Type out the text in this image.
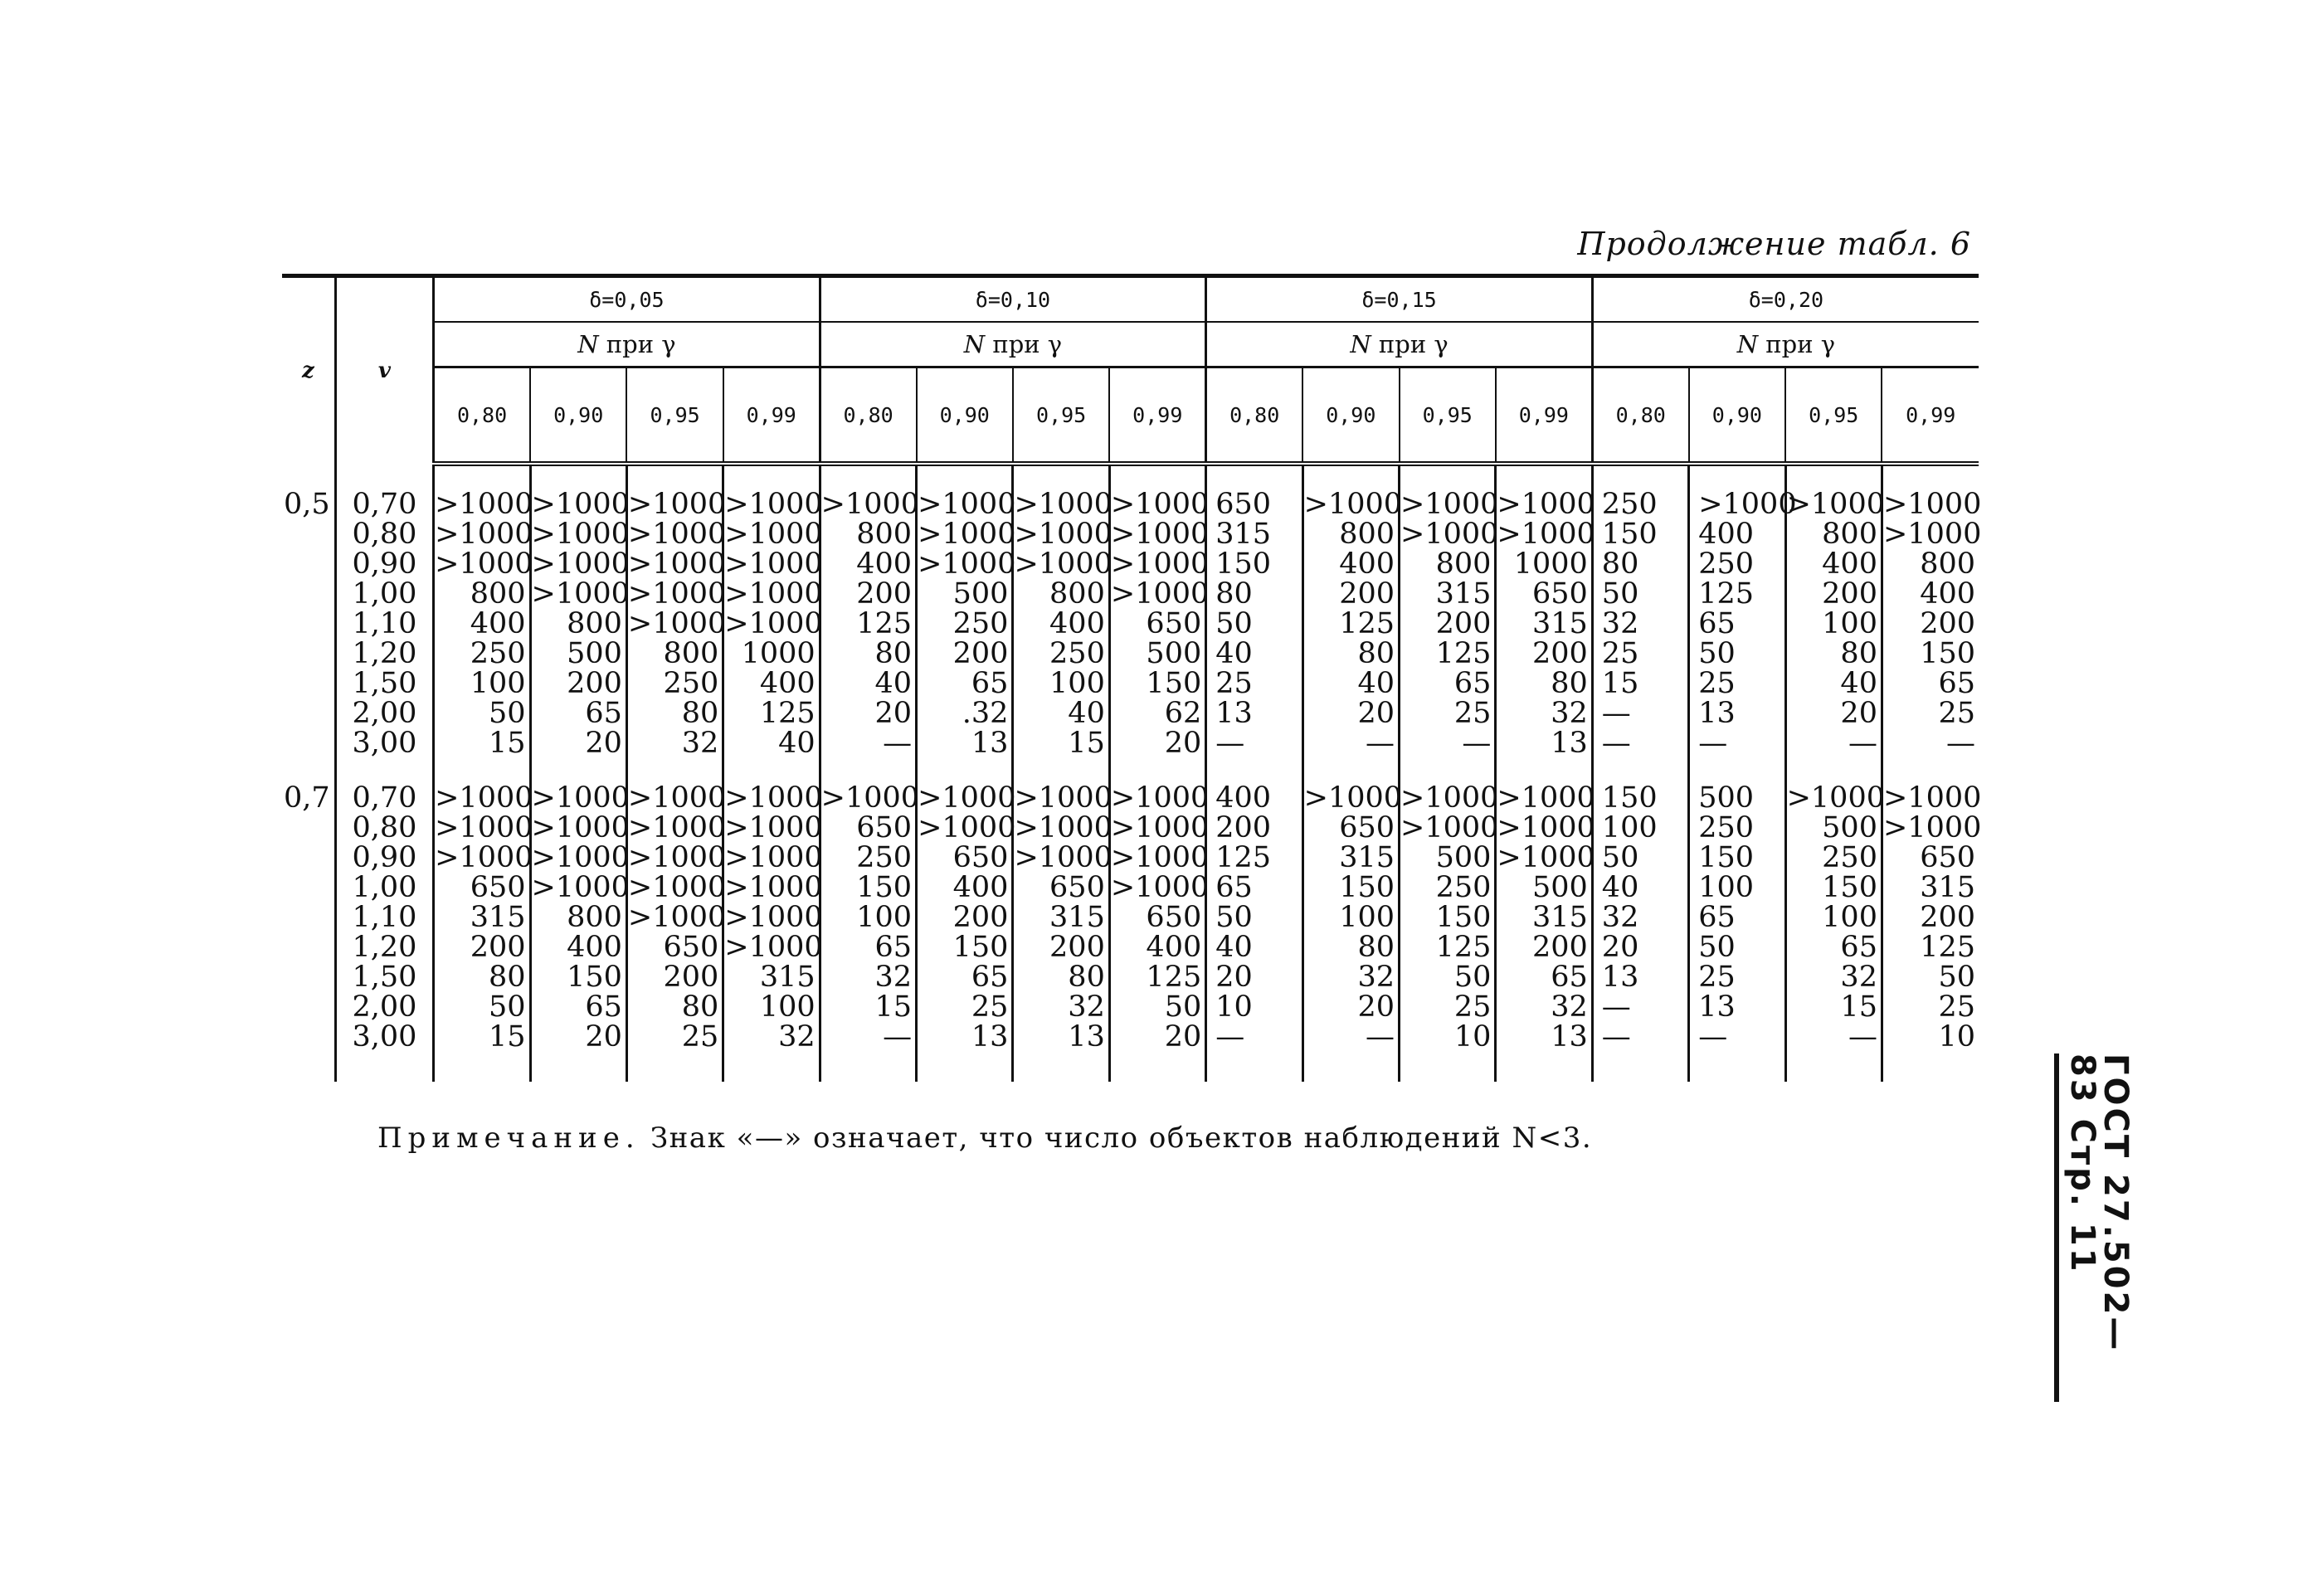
Продолжение табл. 6
z	v	δ=0,05				δ=0,10				δ=0,15				δ=0,20			
		N при γ				N при γ				N при γ				N при γ			
		0,80	0,90	0,95	0,99	0,80	0,90	0,95	0,99	0,80	0,90	0,95	0,99	0,80	0,90	0,95	0,99

0,5	0,70	>1000	>1000	>1000	>1000	>1000	>1000	>1000	>1000	650	>1000	>1000	>1000	250	>1000	>1000	>1000
	0,80	>1000	>1000	>1000	>1000	800	>1000	>1000	>1000	315	800	>1000	>1000	150	400	800	>1000
	0,90	>1000	>1000	>1000	>1000	400	>1000	>1000	>1000	150	400	800	1000	80	250	400	800
	1,00	800	>1000	>1000	>1000	200	500	800	>1000	80	200	315	650	50	125	200	400
	1,10	400	800	>1000	>1000	125	250	400	650	50	125	200	315	32	65	100	200
	1,20	250	500	800	1000	80	200	250	500	40	80	125	200	25	50	80	150
	1,50	100	200	250	400	40	65	100	150	25	40	65	80	15	25	40	65
	2,00	50	65	80	125	20	.32	40	62	13	20	25	32	—	13	20	25
	3,00	15	20	32	40	—	13	15	20	—	—	—	13	—	—	—	—

0,7	0,70	>1000	>1000	>1000	>1000	>1000	>1000	>1000	>1000	400	>1000	>1000	>1000	150	500	>1000	>1000
	0,80	>1000	>1000	>1000	>1000	650	>1000	>1000	>1000	200	650	>1000	>1000	100	250	500	>1000
	0,90	>1000	>1000	>1000	>1000	250	650	>1000	>1000	125	315	500	>1000	50	150	250	650
	1,00	650	>1000	>1000	>1000	150	400	650	>1000	65	150	250	500	40	100	150	315
	1,10	315	800	>1000	>1000	100	200	315	650	50	100	150	315	32	65	100	200
	1,20	200	400	650	>1000	65	150	200	400	40	80	125	200	20	50	65	125
	1,50	80	150	200	315	32	65	80	125	20	32	50	65	13	25	32	50
	2,00	50	65	80	100	15	25	32	50	10	20	25	32	—	13	15	25
	3,00	15	20	25	32	—	13	13	20	—	—	10	13	—	—	—	10

Примечание. Знак «—» означает, что число объектов наблюдений N<3.	ГОСТ 27.502—83 Стр. 11
